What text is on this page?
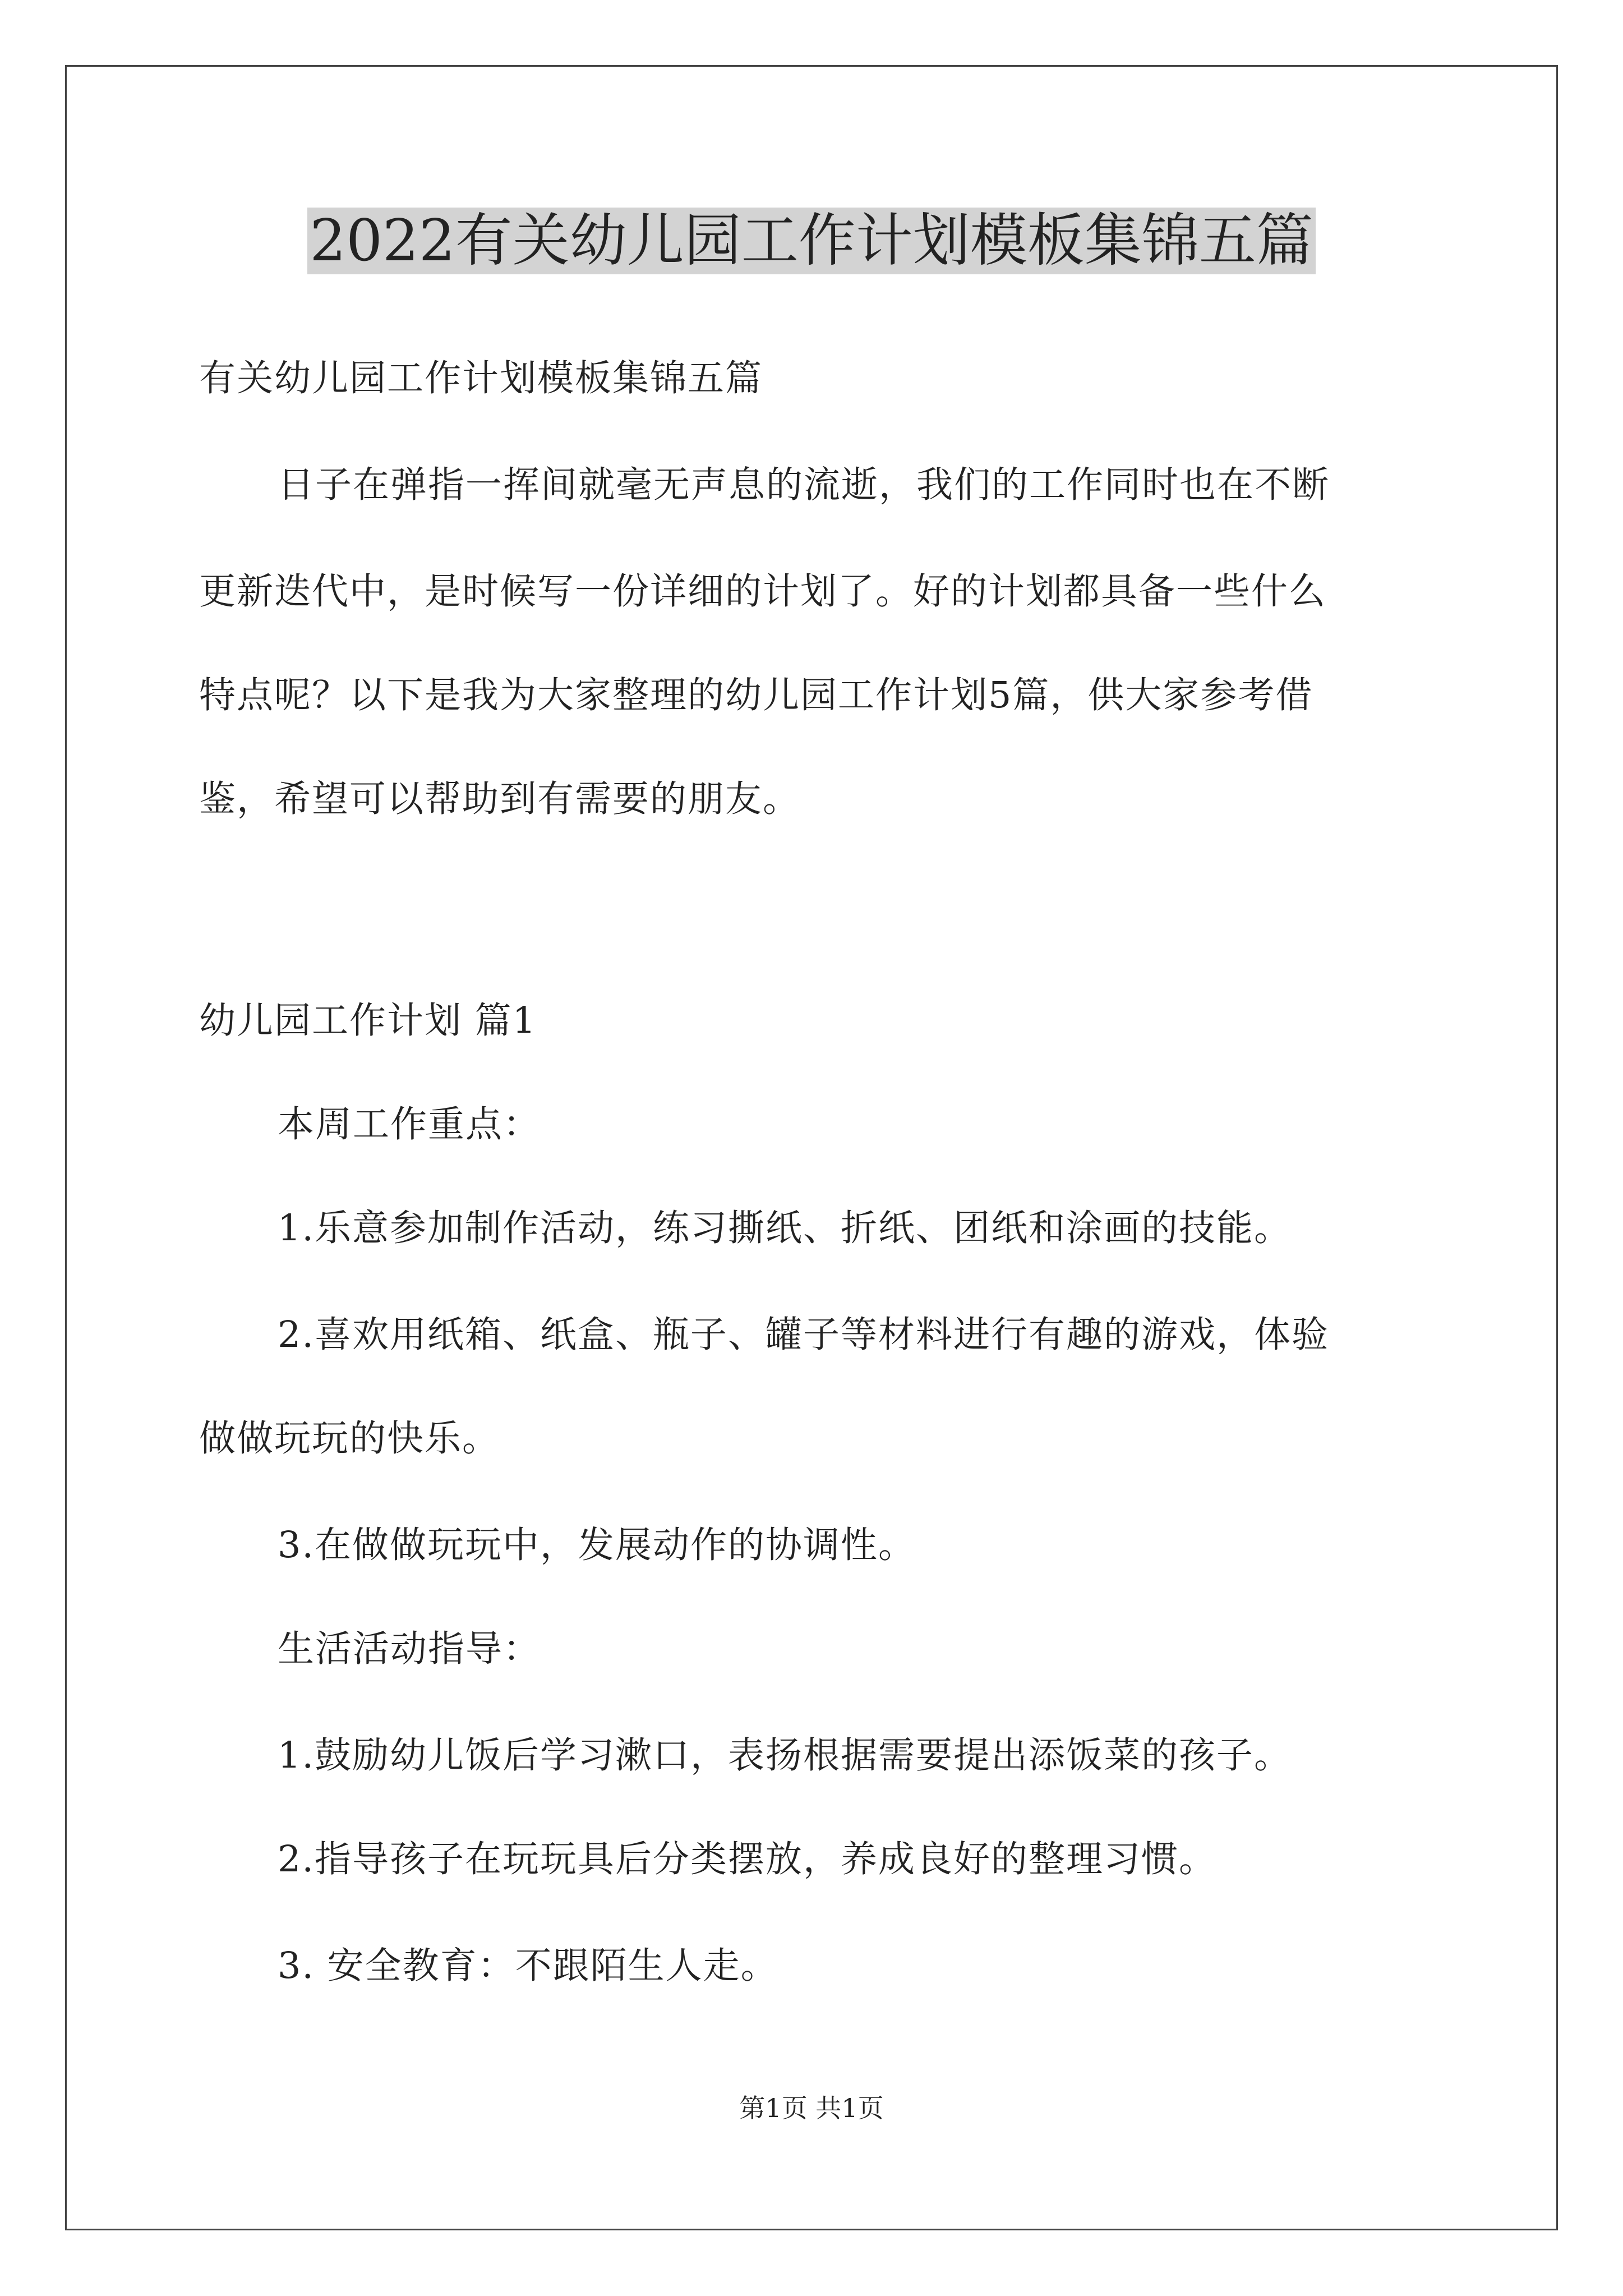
2022有关幼儿园工作计划模板集锦五篇
有关幼儿园工作计划模板集锦五篇
日子在弹指一挥间就毫无声息的流逝，我们的工作同时也在不断
更新迭代中，是时候写一份详细的计划了。好的计划都具备一些什么
特点呢？以下是我为大家整理的幼儿园工作计划5篇，供大家参考借
鉴，希望可以帮助到有需要的朋友。
幼儿园工作计划 篇1
本周工作重点：
1.乐意参加制作活动，练习撕纸、折纸、团纸和涂画的技能。
2.喜欢用纸箱、纸盒、瓶子、罐子等材料进行有趣的游戏，体验
做做玩玩的快乐。
3.在做做玩玩中，发展动作的协调性。
生活活动指导：
1.鼓励幼儿饭后学习漱口，表扬根据需要提出添饭菜的孩子。
2.指导孩子在玩玩具后分类摆放，养成良好的整理习惯。
3. 安全教育：不跟陌生人走。
第1页 共1页
